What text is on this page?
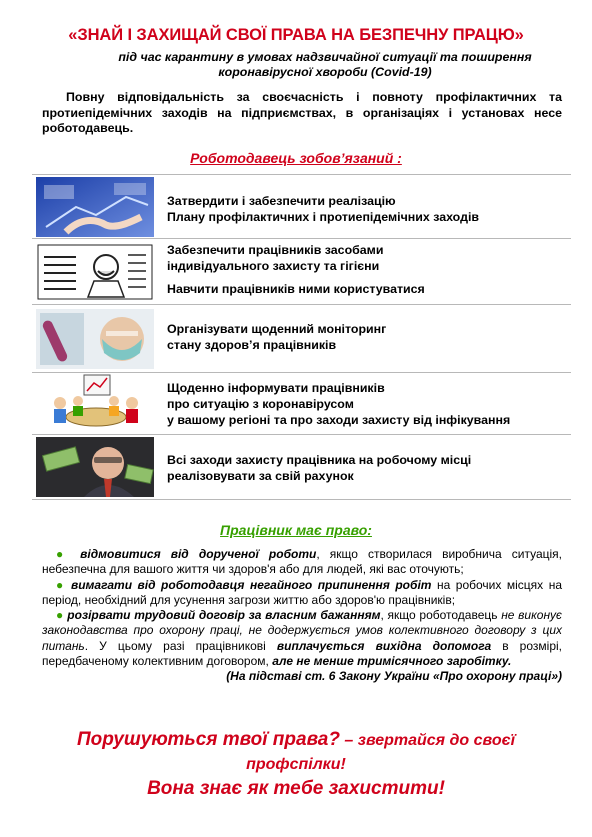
«ЗНАЙ І ЗАХИЩАЙ СВОЇ ПРАВА НА БЕЗПЕЧНУ ПРАЦЮ»
під час карантину в умовах надзвичайної ситуації та поширення
коронавірусної хвороби (Covid-19)
Повну відповідальність за своєчасність і повноту профілактичних та протиепідемічних заходів на підприємствах, в організаціях і установах несе роботодавець.
Роботодавець зобов’язаний :
Затвердити і забезпечити реалізацію
Плану профілактичних і протиепідемічних заходів
Забезпечити працівників засобами
індивідуального захисту та гігієни
Навчити працівників ними користуватися
Організувати щоденний моніторинг
стану здоров’я працівників
Щоденно інформувати працівників
про ситуацію з коронавірусом
у вашому регіоні та про заходи захисту від інфікування
Всі заходи захисту працівника на робочому місці
реалізовувати за свій рахунок
Працівник має право:

● відмовитися від дорученої роботи, якщо створилася виробнича ситуація, небезпечна для вашого життя чи здоров'я або для людей, які вас оточують;

● вимагати від роботодавця негайного припинення робіт на робочих місцях на період, необхідний для усунення загрози життю або здоров'ю працівників;

● розірвати трудовий договір за власним бажанням, якщо роботодавець не виконує законодавства про охорону праці, не додержується умов колективного договору з цих питань. У цьому разі працівникові виплачується вихідна допомога в розмірі, передбаченому колективним договором, але не менше тримісячного заробітку.

(На підставі ст. 6 Закону України «Про охорону праці»)
Порушуються твої права? – звертайся до своєї
профспілки!
Вона знає як тебе захистити!
